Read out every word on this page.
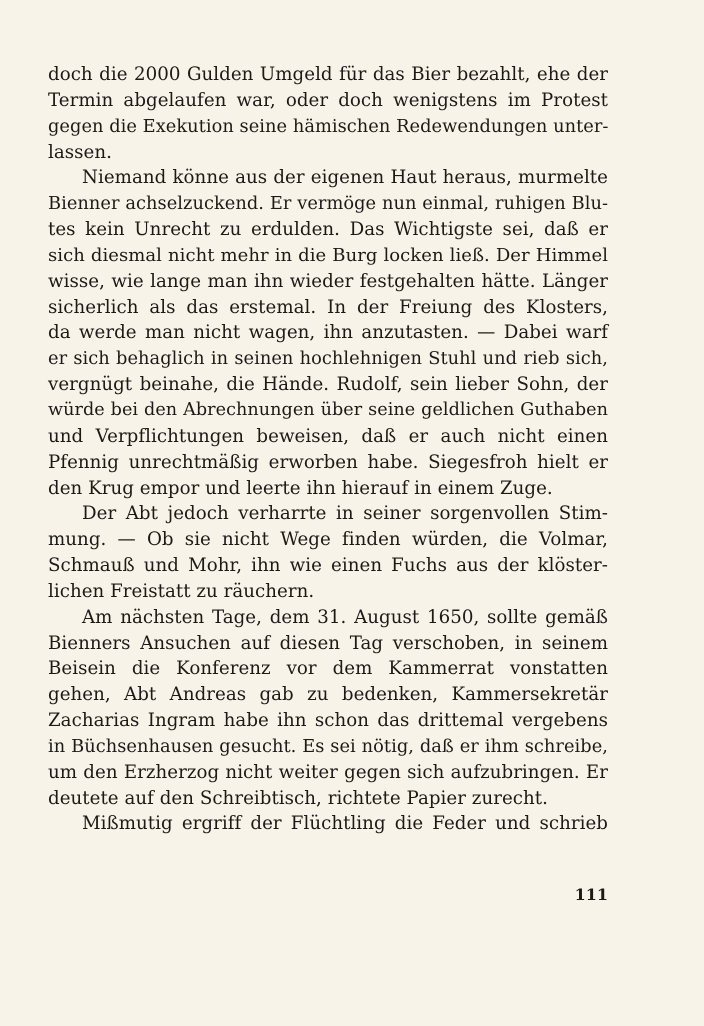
doch die 2000 Gulden Umgeld für das Bier bezahlt, ehe der
Termin abgelaufen war, oder doch wenigstens im Protest
gegen die Exekution seine hämischen Redewendungen unter-
lassen.
Niemand könne aus der eigenen Haut heraus, murmelte
Bienner achselzuckend. Er vermöge nun einmal, ruhigen Blu-
tes kein Unrecht zu erdulden. Das Wichtigste sei, daß er
sich diesmal nicht mehr in die Burg locken ließ. Der Himmel
wisse, wie lange man ihn wieder festgehalten hätte. Länger
sicherlich als das erstemal. In der Freiung des Klosters,
da werde man nicht wagen, ihn anzutasten. — Dabei warf
er sich behaglich in seinen hochlehnigen Stuhl und rieb sich,
vergnügt beinahe, die Hände. Rudolf, sein lieber Sohn, der
würde bei den Abrechnungen über seine geldlichen Guthaben
und Verpflichtungen beweisen, daß er auch nicht einen
Pfennig unrechtmäßig erworben habe. Siegesfroh hielt er
den Krug empor und leerte ihn hierauf in einem Zuge.
Der Abt jedoch verharrte in seiner sorgenvollen Stim-
mung. — Ob sie nicht Wege finden würden, die Volmar,
Schmauß und Mohr, ihn wie einen Fuchs aus der klöster-
lichen Freistatt zu räuchern.
Am nächsten Tage, dem 31. August 1650, sollte gemäß
Bienners Ansuchen auf diesen Tag verschoben, in seinem
Beisein die Konferenz vor dem Kammerrat vonstatten
gehen, Abt Andreas gab zu bedenken, Kammersekretär
Zacharias Ingram habe ihn schon das drittemal vergebens
in Büchsenhausen gesucht. Es sei nötig, daß er ihm schreibe,
um den Erzherzog nicht weiter gegen sich aufzubringen. Er
deutete auf den Schreibtisch, richtete Papier zurecht.
Mißmutig ergriff der Flüchtling die Feder und schrieb
111
